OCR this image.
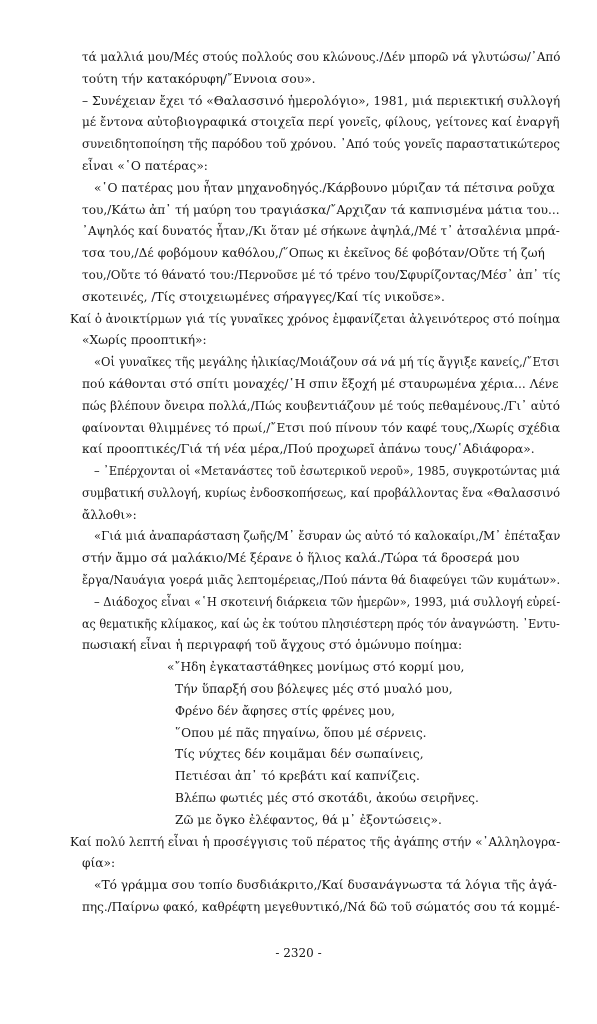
τά μαλλιά μου/Μές στούς πολλούς σου κλώνους./Δέν μπορῶ νά γλυτώσω/᾿Από
τούτη τήν κατακόρυφη/῎Εννοια σου».
– Συνέχειαν ἔχει τό «Θαλασσινό ἡμερολόγιο», 1981, μιά περιεκτική συλλογή
μέ ἔντονα αὐτοβιογραφικά στοιχεῖα περί γονεῖς, φίλους, γείτονες καί ἐναργῆ
συνειδητοποίηση τῆς παρόδου τοῦ χρόνου. ᾿Από τούς γονεῖς παραστατικώτερος
εἶναι «῾Ο πατέρας»:
«῾Ο πατέρας μου ἦταν μηχανοδηγός./Κάρβουνο μύριζαν τά πέτσινα ροῦχα
του,/Κάτω ἀπ᾿ τή μαύρη του τραγιάσκα/῎Αρχιζαν τά καπνισμένα μάτια του...
᾿Αψηλός καί δυνατός ἦταν,/Κι ὅταν μέ σήκωνε ἀψηλά,/Μέ τ᾿ ἀτσαλένια μπρά-
τσα του,/Δέ φοβόμουν καθόλου,/῞Οπως κι ἐκεῖνος δέ φοβόταν/Οὔτε τή ζωή
του,/Οὔτε τό θάνατό του:/Περνοῦσε μέ τό τρένο του/Σφυρίζοντας/Μέσ᾿ ἀπ᾿ τίς
σκοτεινές, /Τίς στοιχειωμένες σήραγγες/Καί τίς νικοῦσε».
Καί ὁ ἀνοικτίρμων γιά τίς γυναῖκες χρόνος ἐμφανίζεται ἀλγεινότερος στό ποίημα
«Χωρίς προοπτική»:
«Οἱ γυναῖκες τῆς μεγάλης ἡλικίας/Μοιάζουν σά νά μή τίς ἄγγιξε κανείς,/῎Ετσι
πού κάθονται στό σπίτι μοναχές/῾Η σπιν ἔξοχή μέ σταυρωμένα χέρια... Λένε
πώς βλέπουν ὄνειρα πολλά,/Πώς κουβεντιάζουν μέ τούς πεθαμένους./Γι᾿ αὐτό
φαίνονται θλιμμένες τό πρωί,/῎Ετσι πού πίνουν τόν καφέ τους,/Χωρίς σχέδια
καί προοπτικές/Γιά τή νέα μέρα,/Πού προχωρεῖ ἀπάνω τους/῾Αδιάφορα».
– ᾿Επέρχονται οἱ «Μετανάστες τοῦ ἐσωτερικοῦ νεροῦ», 1985, συγκροτώντας μιά
συμβατική συλλογή, κυρίως ἐνδοσκοπήσεως, καί προβάλλοντας ἕνα «Θαλασσινό
ἄλλοθι»:
«Γιά μιά ἀναπαράσταση ζωῆς/Μ᾿ ἔσυραν ὡς αὐτό τό καλοκαίρι,/Μ᾿ ἐπέταξαν
στήν ἄμμο σά μαλάκιο/Μέ ξέρανε ὁ ἥλιος καλά./Τώρα τά δροσερά μου
ἔργα/Ναυάγια γοερά μιᾶς λεπτομέρειας,/Πού πάντα θά διαφεύγει τῶν κυμάτων».
– Διάδοχος εἶναι «῾Η σκοτεινή διάρκεια τῶν ἡμερῶν», 1993, μιά συλλογή εὐρεί-
ας θεματικῆς κλίμακος, καί ὡς ἐκ τούτου πλησιέστερη πρός τόν ἀναγνώστη. ᾿Εντυ-
πωσιακή εἶναι ἡ περιγραφή τοῦ ἄγχους στό ὁμώνυμο ποίημα:
«῎Ηδη ἐγκαταστάθηκες μονίμως στό κορμί μου,
Τήν ὕπαρξή σου βόλεψες μές στό μυαλό μου,
Φρένο δέν ἄφησες στίς φρένες μου,
῞Οπου μέ πᾶς πηγαίνω, ὅπου μέ σέρνεις.
Τίς νύχτες δέν κοιμᾶμαι δέν σωπαίνεις,
Πετιέσαι ἀπ᾿ τό κρεβάτι καί καπνίζεις.
Βλέπω φωτιές μές στό σκοτάδι, ἀκούω σειρῆνες.
Ζῶ με ὄγκο ἐλέφαντος, θά μ᾿ ἐξοντώσεις».
Καί πολύ λεπτή εἶναι ἡ προσέγγισις τοῦ πέρατος τῆς ἀγάπης στήν «᾿Αλληλογρα-
φία»:
«Τό γράμμα σου τοπίο δυσδιάκριτο,/Καί δυσανάγνωστα τά λόγια τῆς ἀγά-
πης./Παίρνω φακό, καθρέφτη μεγεθυντικό,/Νά δῶ τοῦ σώματός σου τά κομμέ-
- 2320 -
